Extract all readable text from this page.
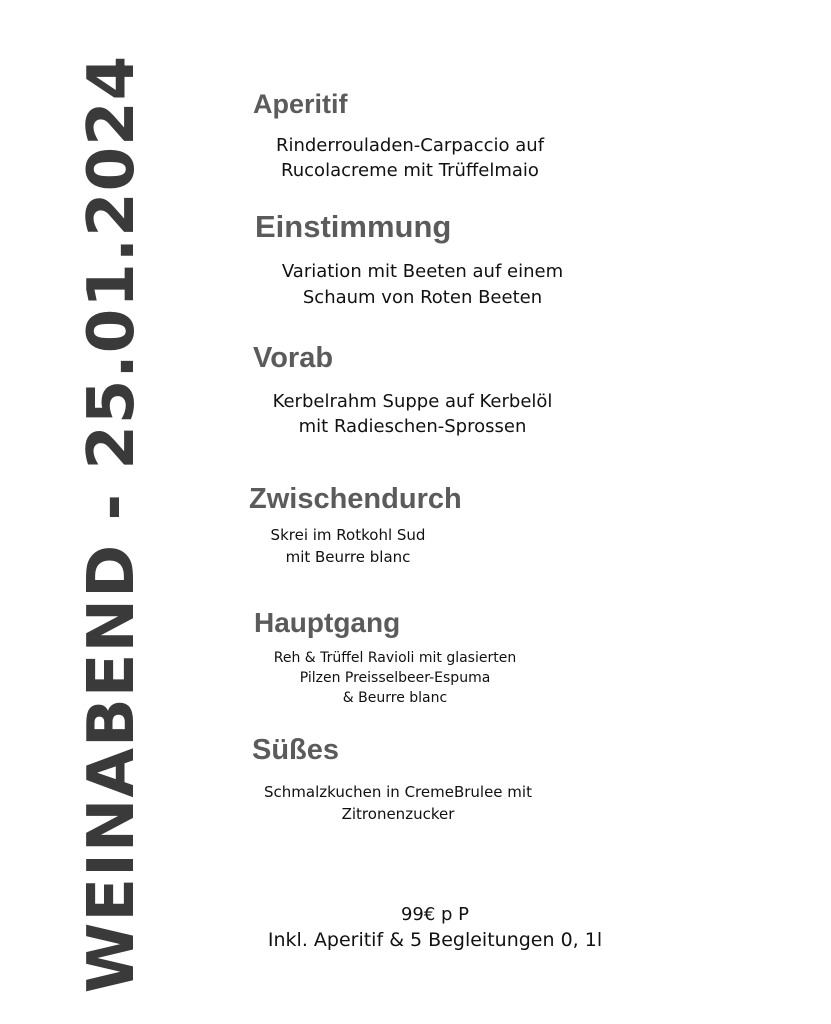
WEINABEND - 25.01.2024	Aperitif
Rinderrouladen-Carpaccio auf
Rucolacreme mit Trüffelmaio
Einstimmung
Variation mit Beeten auf einem
Schaum von Roten Beeten
Vorab
Kerbelrahm Suppe auf Kerbelöl
mit Radieschen-Sprossen
Zwischendurch
Skrei im Rotkohl Sud
mit Beurre blanc
Hauptgang
Reh & Trüffel Ravioli mit glasierten
Pilzen Preisselbeer-Espuma
& Beurre blanc
Süßes
Schmalzkuchen in CremeBrulee mit
Zitronenzucker
99€ p P
Inkl. Aperitif & 5 Begleitungen 0, 1l
